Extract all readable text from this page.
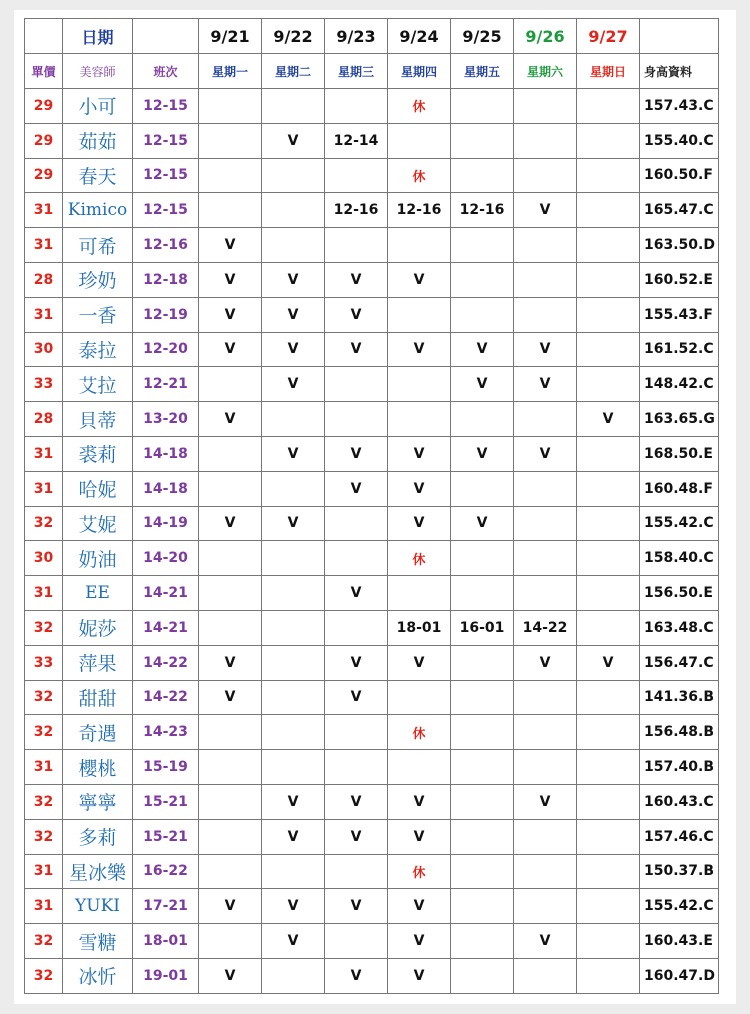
	日期		9/21	9/22	9/23	9/24	9/25	9/26	9/27	
單價	美容師	班次	星期一	星期二	星期三	星期四	星期五	星期六	星期日	身高資料
29	小可	12-15				休				157.43.C
29	茹茹	12-15		V	12-14					155.40.C
29	春天	12-15				休				160.50.F
31	Kimico	12-15			12-16	12-16	12-16	V		165.47.C
31	可希	12-16	V							163.50.D
28	珍奶	12-18	V	V	V	V				160.52.E
31	一香	12-19	V	V	V					155.43.F
30	泰拉	12-20	V	V	V	V	V	V		161.52.C
33	艾拉	12-21		V			V	V		148.42.C
28	貝蒂	13-20	V						V	163.65.G
31	裘莉	14-18		V	V	V	V	V		168.50.E
31	哈妮	14-18			V	V				160.48.F
32	艾妮	14-19	V	V		V	V			155.42.C
30	奶油	14-20				休				158.40.C
31	EE	14-21			V					156.50.E
32	妮莎	14-21				18-01	16-01	14-22		163.48.C
33	萍果	14-22	V		V	V		V	V	156.47.C
32	甜甜	14-22	V		V					141.36.B
32	奇遇	14-23				休				156.48.B
31	櫻桃	15-19								157.40.B
32	寧寧	15-21		V	V	V		V		160.43.C
32	多莉	15-21		V	V	V				157.46.C
31	星冰樂	16-22				休				150.37.B
31	YUKI	17-21	V	V	V	V				155.42.C
32	雪糖	18-01		V		V		V		160.43.E
32	冰忻	19-01	V		V	V				160.47.D
